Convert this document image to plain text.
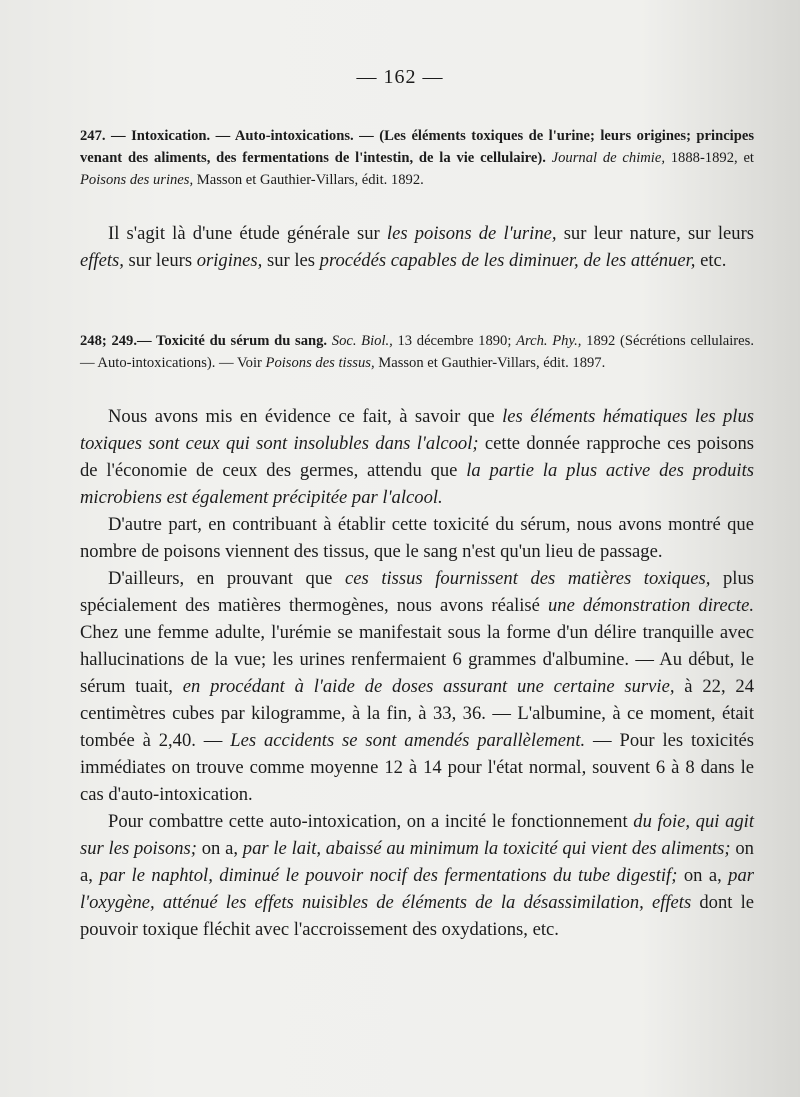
— 162 —
247. — Intoxication. — Auto-intoxications. — (Les éléments toxiques de l'urine; leurs origines; principes venant des aliments, des fermentations de l'intestin, de la vie cellulaire). Journal de chimie, 1888-1892, et Poisons des urines, Masson et Gauthier-Villars, édit. 1892.

Il s'agit là d'une étude générale sur les poisons de l'urine, sur leur nature, sur leurs effets, sur leurs origines, sur les procédés capables de les diminuer, de les atténuer, etc.

248; 249.— Toxicité du sérum du sang. Soc. Biol., 13 décembre 1890; Arch. Phy., 1892 (Sécrétions cellulaires. — Auto-intoxications). — Voir Poisons des tissus, Masson et Gauthier-Villars, édit. 1897.

Nous avons mis en évidence ce fait, à savoir que les éléments hématiques les plus toxiques sont ceux qui sont insolubles dans l'alcool; cette donnée rapproche ces poisons de l'économie de ceux des germes, attendu que la partie la plus active des produits microbiens est également précipitée par l'alcool.

D'autre part, en contribuant à établir cette toxicité du sérum, nous avons montré que nombre de poisons viennent des tissus, que le sang n'est qu'un lieu de passage.

D'ailleurs, en prouvant que ces tissus fournissent des matières toxiques, plus spécialement des matières thermogènes, nous avons réalisé une démonstration directe. Chez une femme adulte, l'urémie se manifestait sous la forme d'un délire tranquille avec hallucinations de la vue; les urines renfermaient 6 grammes d'albumine. — Au début, le sérum tuait, en procédant à l'aide de doses assurant une certaine survie, à 22, 24 centimètres cubes par kilogramme, à la fin, à 33, 36. — L'albumine, à ce moment, était tombée à 2,40. — Les accidents se sont amendés parallèlement. — Pour les toxicités immédiates on trouve comme moyenne 12 à 14 pour l'état normal, souvent 6 à 8 dans le cas d'auto-intoxication.

Pour combattre cette auto-intoxication, on a incité le fonctionnement du foie, qui agit sur les poisons; on a, par le lait, abaissé au minimum la toxicité qui vient des aliments; on a, par le naphtol, diminué le pouvoir nocif des fermentations du tube digestif; on a, par l'oxygène, atténué les effets nuisibles de éléments de la désassimilation, effets dont le pouvoir toxique fléchit avec l'accroissement des oxydations, etc.
